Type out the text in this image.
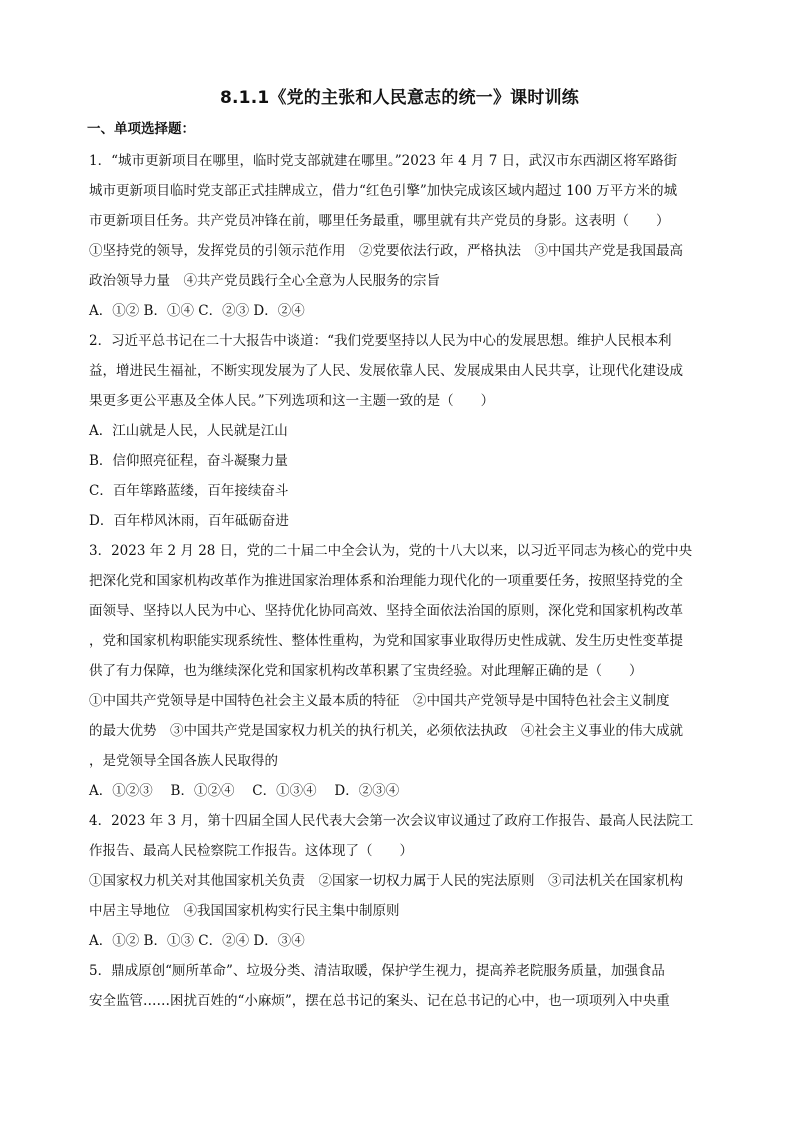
8.1.1《党的主张和人民意志的统一》课时训练
一、单项选择题：
1．“城市更新项目在哪里，临时党支部就建在哪里。”2023 年 4 月 7 日，武汉市东西湖区将军路街
城市更新项目临时党支部正式挂牌成立，借力“红色引擎”加快完成该区域内超过 100 万平方米的城
市更新项目任务。共产党员冲锋在前，哪里任务最重，哪里就有共产党员的身影。这表明（　　）
①坚持党的领导，发挥党员的引领示范作用　②党要依法行政，严格执法　③中国共产党是我国最高
政治领导力量　④共产党员践行全心全意为人民服务的宗旨
A．①② B．①④ C．②③ D．②④
2．习近平总书记在二十大报告中谈道：“我们党要坚持以人民为中心的发展思想。维护人民根本利
益，增进民生福祉，不断实现发展为了人民、发展依靠人民、发展成果由人民共享，让现代化建设成
果更多更公平惠及全体人民。”下列选项和这一主题一致的是（　　）
A．江山就是人民，人民就是江山
B．信仰照亮征程，奋斗凝聚力量
C．百年筚路蓝缕，百年接续奋斗
D．百年栉风沐雨，百年砥砺奋进
3．2023 年 2 月 28 日，党的二十届二中全会认为，党的十八大以来，以习近平同志为核心的党中央
把深化党和国家机构改革作为推进国家治理体系和治理能力现代化的一项重要任务，按照坚持党的全
面领导、坚持以人民为中心、坚持优化协同高效、坚持全面依法治国的原则，深化党和国家机构改革
，党和国家机构职能实现系统性、整体性重构，为党和国家事业取得历史性成就、发生历史性变革提
供了有力保障，也为继续深化党和国家机构改革积累了宝贵经验。对此理解正确的是（　　）
①中国共产党领导是中国特色社会主义最本质的特征　②中国共产党领导是中国特色社会主义制度
的最大优势　③中国共产党是国家权力机关的执行机关，必须依法执政　④社会主义事业的伟大成就
，是党领导全国各族人民取得的
A．①②③　 B．①②④　 C．①③④　 D．②③④
4．2023 年 3 月，第十四届全国人民代表大会第一次会议审议通过了政府工作报告、最高人民法院工
作报告、最高人民检察院工作报告。这体现了（　　）
①国家权力机关对其他国家机关负责　②国家一切权力属于人民的宪法原则　③司法机关在国家机构
中居主导地位　④我国国家机构实行民主集中制原则
A．①② B．①③ C．②④ D．③④
5．鼎成原创“厕所革命”、垃圾分类、清洁取暖，保护学生视力，提高养老院服务质量，加强食品
安全监管……困扰百姓的“小麻烦”，摆在总书记的案头、记在总书记的心中，也一项项列入中央重
